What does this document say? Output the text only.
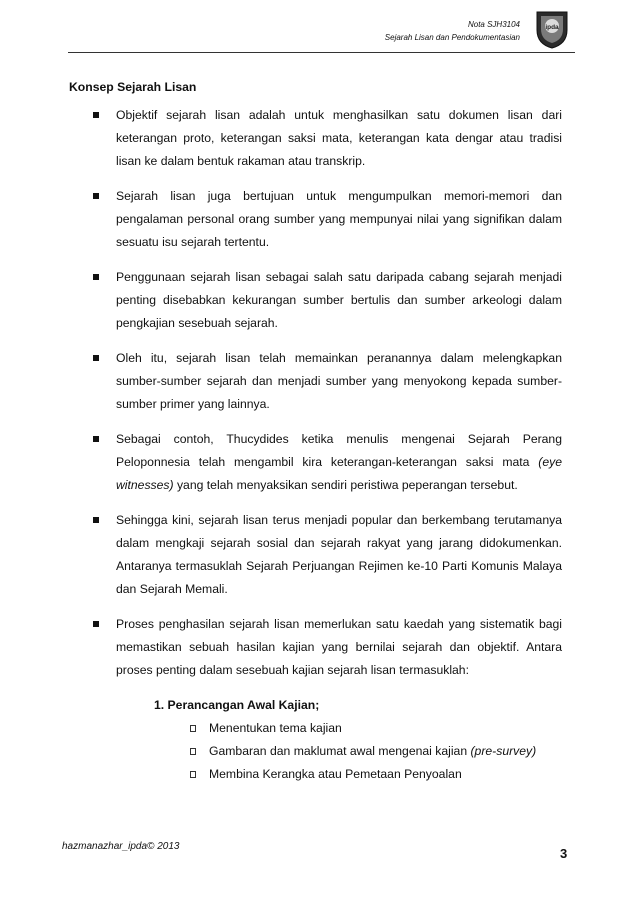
Nota SJH3104
Sejarah Lisan dan Pendokumentasian
ipda
Konsep Sejarah Lisan
Objektif sejarah lisan adalah untuk menghasilkan satu dokumen lisan dari keterangan proto, keterangan saksi mata, keterangan kata dengar atau tradisi lisan ke dalam bentuk rakaman atau transkrip.
Sejarah lisan juga bertujuan untuk mengumpulkan memori-memori dan pengalaman personal orang sumber yang mempunyai nilai yang signifikan dalam sesuatu isu sejarah tertentu.
Penggunaan sejarah lisan sebagai salah satu daripada cabang sejarah menjadi penting disebabkan kekurangan sumber bertulis dan sumber arkeologi dalam pengkajian sesebuah sejarah.
Oleh itu, sejarah lisan telah memainkan peranannya dalam melengkapkan sumber-sumber sejarah dan menjadi sumber yang menyokong kepada sumber-sumber primer yang lainnya.
Sebagai contoh, Thucydides ketika menulis mengenai Sejarah Perang Peloponnesia telah mengambil kira keterangan-keterangan saksi mata (eye witnesses) yang telah menyaksikan sendiri peristiwa peperangan tersebut.
Sehingga kini, sejarah lisan terus menjadi popular dan berkembang terutamanya dalam mengkaji sejarah sosial dan sejarah rakyat yang jarang didokumenkan. Antaranya termasuklah Sejarah Perjuangan Rejimen ke-10 Parti Komunis Malaya dan Sejarah Memali.
Proses penghasilan sejarah lisan memerlukan satu kaedah yang sistematik bagi memastikan sebuah hasilan kajian yang bernilai sejarah dan objektif. Antara proses penting dalam sesebuah kajian sejarah lisan termasuklah:
1. Perancangan Awal Kajian;
Menentukan tema kajian
Gambaran dan maklumat awal mengenai kajian (pre-survey)
Membina Kerangka atau Pemetaan Penyoalan
hazmanazhar_ipda© 2013	3
